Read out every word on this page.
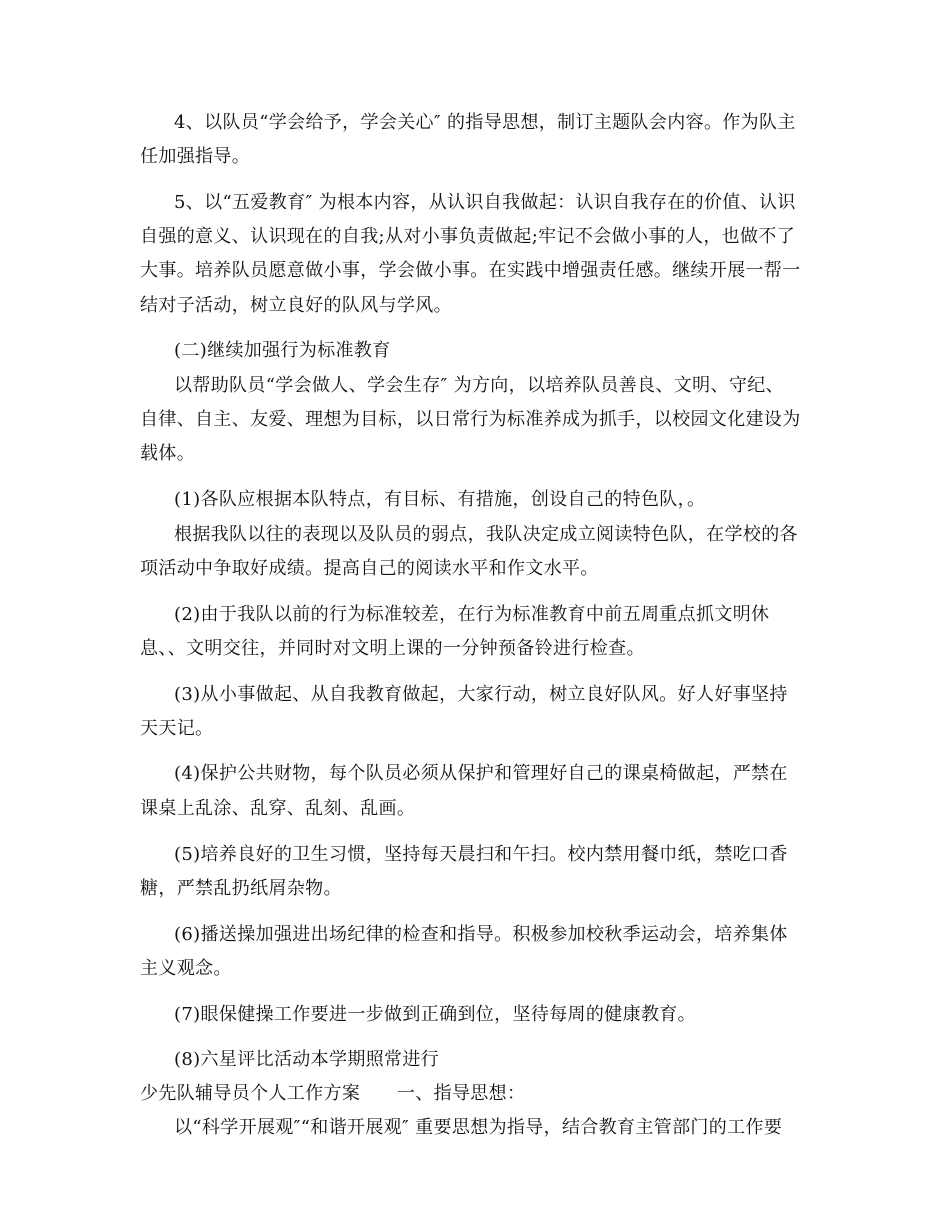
4、以队员“学会给予，学会关心″ 的指导思想，制订主题队会内容。作为队主
任加强指导。
5、以“五爱教育″ 为根本内容，从认识自我做起：认识自我存在的价值、认识
自强的意义、认识现在的自我;从对小事负责做起;牢记不会做小事的人，也做不了
大事。培养队员愿意做小事，学会做小事。在实践中增强责任感。继续开展一帮一
结对子活动，树立良好的队风与学风。
(二)继续加强行为标准教育
以帮助队员“学会做人、学会生存″ 为方向，以培养队员善良、文明、守纪、
自律、自主、友爱、理想为目标，以日常行为标准养成为抓手，以校园文化建设为
载体。
(1)各队应根据本队特点，有目标、有措施，创设自己的特色队，。
根据我队以往的表现以及队员的弱点，我队决定成立阅读特色队，在学校的各
项活动中争取好成绩。提高自己的阅读水平和作文水平。
(2)由于我队以前的行为标准较差，在行为标准教育中前五周重点抓文明休
息、、文明交往，并同时对文明上课的一分钟预备铃进行检查。
(3)从小事做起、从自我教育做起，大家行动，树立良好队风。好人好事坚持
天天记。
(4)保护公共财物，每个队员必须从保护和管理好自己的课桌椅做起，严禁在
课桌上乱涂、乱穿、乱刻、乱画。
(5)培养良好的卫生习惯，坚持每天晨扫和午扫。校内禁用餐巾纸，禁吃口香
糖，严禁乱扔纸屑杂物。
(6)播送操加强进出场纪律的检查和指导。积极参加校秋季运动会，培养集体
主义观念。
(7)眼保健操工作要进一步做到正确到位，坚待每周的健康教育。
(8)六星评比活动本学期照常进行
少先队辅导员个人工作方案　　一、指导思想：
以“科学开展观″“和谐开展观″ 重要思想为指导，结合教育主管部门的工作要
